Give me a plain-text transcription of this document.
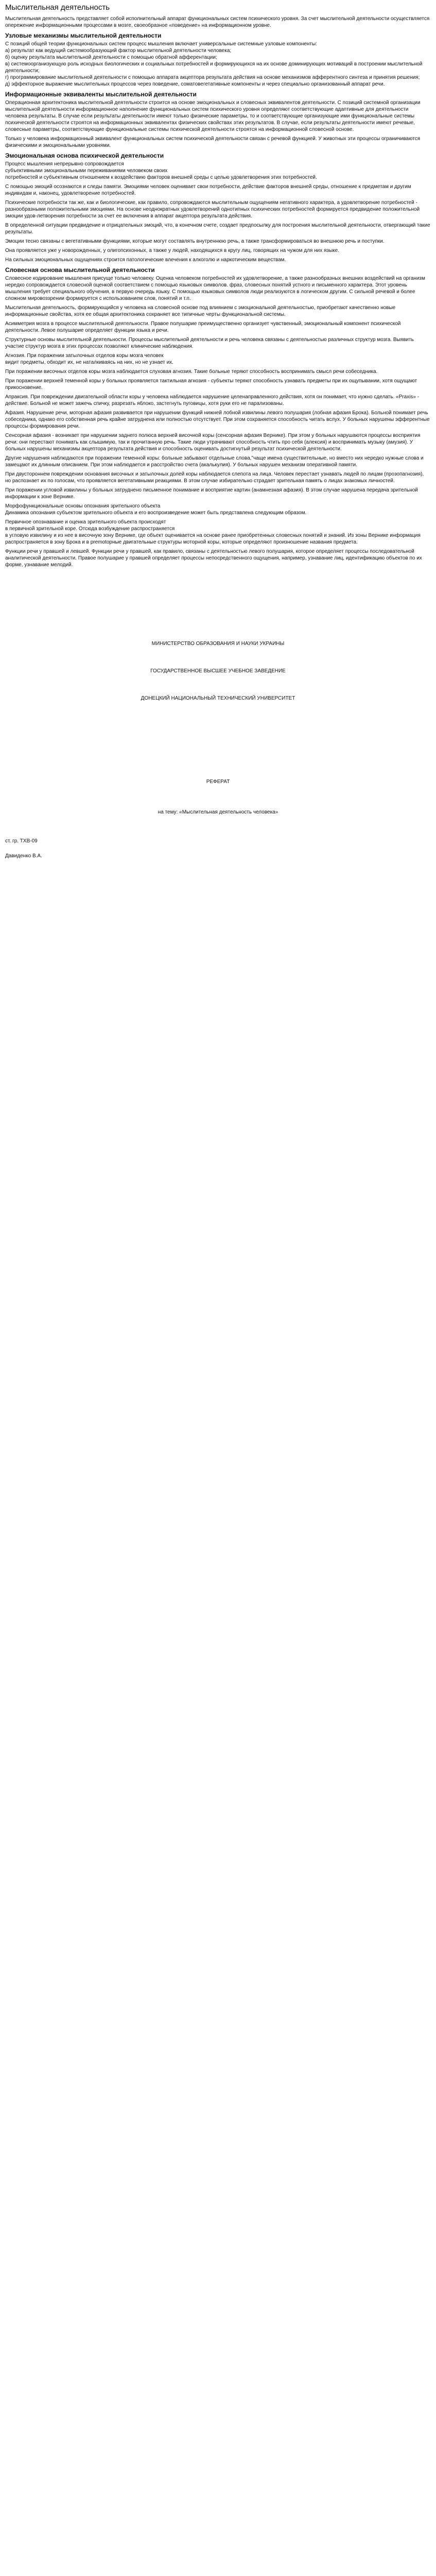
Мыслительная деятельность

Мыслительная деятельность представляет собой исполнительный аппарат функциональных систем психического уровня. За счет мыслительной деятельности осуществляется опережение информационными процессами в мозге, своеобразное «поведение» на информационном уровне.

Узловые механизмы мыслительной деятельности

С позиций общей теории функциональных систем процесс мышления включает универсальные системные узловые компоненты:
а) результат как ведущий системообразующий фактор мыслительной деятельности человека;
б) оценку результата мыслительной деятельности с помощью обратной афферентации;
в) системоорганизующую роль исходных биологических и социальных потребностей и формирующихся на их основе доминирующих мотиваций в построении мыслительной деятельности;
г) программирование мыслительной деятельности с помощью аппарата акцептора результата действия на основе механизмов афферентного синтеза и принятия решения;
д) эффекторное выражение мыслительных процессов через поведение, соматовегетативные компоненты и через специально организованный аппарат речи.

Информационные эквиваленты мыслительной деятельности

Операционная архитектоника мыслительной деятельности строится на основе эмоциональных и словесных эквивалентов деятельности. С позиций системной организации мыслительной деятельности информационное наполнение функциональных систем психического уровня определяют соответствующие адаптивные для деятельности человека результаты. В случае если результаты деятельности имеют только физические параметры, то и соответствующие организующие ими функциональные системы психической деятельности строятся на информационных эквивалентах физических свойствах этих результатов. В случае, если результаты деятельности имеют речевые, словесные параметры, соответствующие функциональные системы психической деятельности строятся на информационной словесной основе.

Только у человека информационный эквивалент функциональных систем психической деятельности связан с речевой функцией. У животных эти процессы ограничиваются физическими и эмоциональными уровнями.

Эмоциональная основа психической деятельности

Процесс мышления непрерывно сопровождается
субъективными эмоциональными переживаниями человеком своих
потребностей и субъективным отношением к воздействию факторов внешней среды с целью удовлетворения этих потребностей.

С помощью эмоций осознаются и следы памяти. Эмоциями человек оценивает свои потребности, действие факторов внешней среды, отношение к предметам и другим индивидам и, наконец, удовлетворение потребностей.

Психические потребности так же, как и биологические, как правило, сопровождаются мыслительным ощущениям негативного характера, а удовлетворение потребностей - разнообразными положительными эмоциями. На основе неоднократных удовлетворений однотипных психических потребностей формируется предвидение положительной эмоции удов-летворения потребности за счет ее включения в аппарат акцептора результата действия.

В определенной ситуации предвидение и отрицательных эмоций, что, в конечном счете, создает предпосылку для построения мыслительной деятельности, отвергающий такие результаты.

Эмоции тесно связаны с вегетативными функциями, которые могут составлять внутреннюю речь, а также трансформироваться во внешнюю речь и поступки.

Она проявляется уже у новорожденных, у олигопсихонных, а также у людей, находящихся в кругу лиц, говорящих на чужом для них языке.

На сильных эмоциональных ощущениях строится патологические влечения к алкоголю и наркотическим веществам.

Словесная основа мыслительной деятельности

Словесное кодирование мышления присуще только человеку. Оценка человеком потребностей их удовлетворение, а также разнообразных внешних воздействий на организм нередко сопровождается словесной оценкой соответствием с помощью языковых символов. фраз, словесных понятий устного и письменного характера. Этот уровень мышления требует специального обучения, в первую очередь языку. С помощью языковых символов люди реализуются в логическом другим. С сильной речевой и более сложном мировоззрении формируется с использованием слов, понятий и т.п.

Мыслительная деятельность, формирующийся у человека на словесной основе под влиянием с эмоциональной деятельностью, приобретают качественно новые информационные свойства, хотя ее общая архитектоника сохраняет все типичные черты функциональной системы.

Асимметрия мозга в процессе мыслительной деятельности. Правое полушарие преимущественно организует чувственный, эмоциональный компонент психической деятельности. Левое полушарие определяет функции языка и речи.

Структурные основы мыслительной деятельности. Процессы мыслительной деятельности и речь человека связаны с деятельностью различных структур мозга. Выявить участие структур мозга в этих процессах позволяют клинические наблюдения.

Агнозия. При поражении затылочных отделов коры мозга человек
видит предметы, обходит их, не наталкиваясь на них, но не узнает их.

При поражении височных отделов коры мозга наблюдается слуховая агнозия. Такие больные теряют способность воспринимать смысл речи собеседника.

При поражении верхней теменной коры у больных проявляется тактильная агнозия - субъекты теряют способность узнавать предметы при их ощупывании, хотя ощущают прикосновение.

Апраксия. При повреждении двигательной области коры у человека наблюдается нарушение целенаправленного действия, хотя он понимает, что нужно сделать. «Praxis» - действие. Больной не может зажечь спичку, разрезать яблоко, застегнуть пуговицы, хотя руки его не парализованы.

Афазия. Нарушение речи, моторная афазия развивается при нарушении функций нижней лобной извилины левого полушария (лобная афазия Брока). Больной понимает речь собеседника, однако его собственная речь крайне затруднена или полностью отсутствует. При этом сохраняется способность читать вслух. У больных нарушены эфферентные процессы формирования речи.

Сенсорная афазия - возникает при нарушении заднего полюса верхней височной коры (сенсорная афазия Вернике). При этом у больных нарушаются процессы восприятия речи: они перестают понимать как слышимую, так и прочитанную речь. Такие люди утрачивают способность чтить про себя (алексия) и воспринимать музыку (амузия). У больных нарушены механизмы акцептора результата действия и способность оценивать достигнутый результат психической деятельности.

Другие нарушения наблюдаются при поражении теменной коры: больные забывают отдельные слова,"чаще имена существительные, но вместо них нередко нужные слова и замещают их длинным описанием. При этом наблюдается и расстройство счета (акалькулия). У больных нарушен механизм оперативной памяти.

При двустороннем повреждении основания височных и затылочных долей коры наблюдается слепота на лица. Человек перестает узнавать людей по лицам (прозопагнозия), но распознает их по голосам, что проявляется вегетативными реакциями. В этом случае избирательно страдает зрительная память о лицах знакомых личностей.

При поражении угловой извилины у больных затруднено письменное понимание и восприятие картин (анамнезная афазия). В этом случае нарушена передача зрительной информации к зоне Вернике.

Морфофункциональные основы опознания зрительного объекта
Динамика опознания субъектом зрительного объекта и его воспроизведение может быть представлена следующим образом.

Первичное опознавание и оценка зрительного объекта происходят
в первичной зрительной коре. Отсюда возбуждение распространяется
в угловую извилину и из нее в височную зону Вернике, где объект оценивается на основе ранее приобретенных словесных понятий и знаний. Из зоны Вернике информация распространяется в зону Брока и в premotорные двигательные структуры моторной коры, которые определяют произношение названия предмета.

Функции речи у правшей и левшей. Функции речи у правшей, как правило, связаны с деятельностью левого полушария, которое определяет процессы последовательной аналитической деятельности. Правое полушарие у правшей определяет процессы непосредственного ощущения, например, узнавание лиц, идентификацию объектов по их форме, узнавание мелодий.

МИНИСТЕРСТВО ОБРАЗОВАНИЯ И НАУКИ УКРАИНЫ
ГОСУДАРСТВЕННОЕ ВЫСШЕЕ УЧЕБНОЕ ЗАВЕДЕНИЕ
ДОНЕЦКИЙ НАЦИОНАЛЬНЫЙ ТЕХНИЧЕСКИЙ УНИВЕРСИТЕТ
РЕФЕРАТ
на тему: «Мыслительная деятельность человека»
ст. гр. ТХВ-09
Давиденко В.А.
